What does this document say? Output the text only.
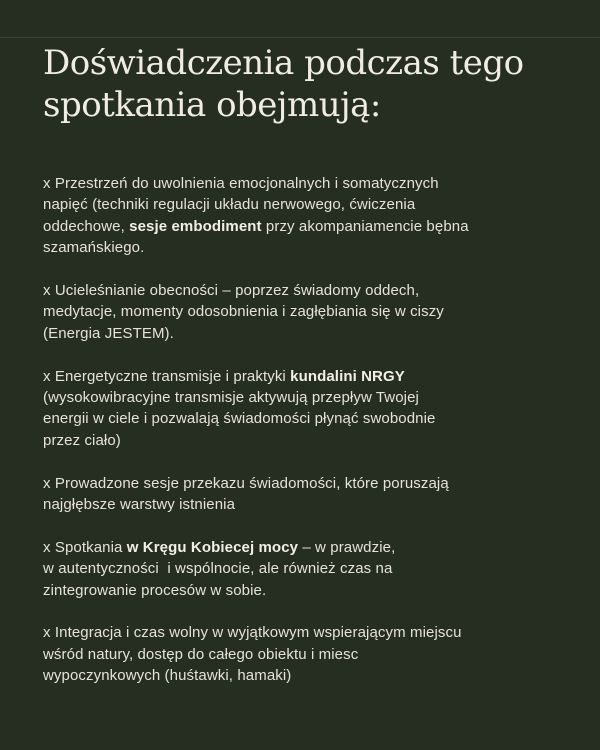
Doświadczenia podczas tego
spotkania obejmują:

x Przestrzeń do uwolnienia emocjonalnych i somatycznych
napięć (techniki regulacji układu nerwowego, ćwiczenia
oddechowe, sesje embodiment przy akompaniamencie bębna
szamańskiego.

x Ucieleśnianie obecności – poprzez świadomy oddech,
medytacje, momenty odosobnienia i zagłębiania się w ciszy
(Energia JESTEM).

x Energetyczne transmisje i praktyki kundalini NRGY
(wysokowibracyjne transmisje aktywują przepływ Twojej
energii w ciele i pozwalają świadomości płynąć swobodnie
przez ciało)

x Prowadzone sesje przekazu świadomości, które poruszają
najgłębsze warstwy istnienia

x Spotkania w Kręgu Kobiecej mocy – w prawdzie,
w autentyczności  i wspólnocie, ale również czas na
zintegrowanie procesów w sobie.

x Integracja i czas wolny w wyjątkowym wspierającym miejscu
wśród natury, dostęp do całego obiektu i miesc
wypoczynkowych (huśtawki, hamaki)
